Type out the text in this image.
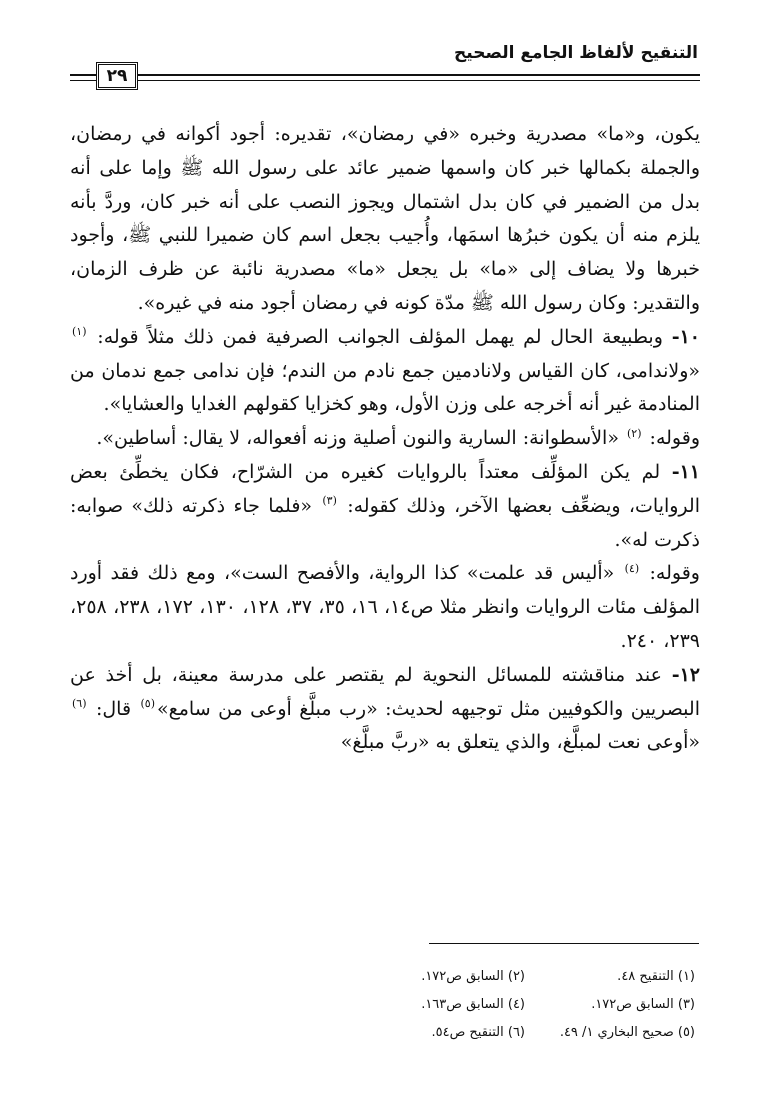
التنقيح لألفاظ الجامع الصحيح
٢٩

يكون، و«ما» مصدرية وخبره «في رمضان»، تقديره: أجود أكوانه في رمضان، والجملة بكمالها خبر كان واسمها ضمير عائد على رسول الله ﷺ وإما على أنه بدل من الضمير في كان بدل اشتمال ويجوز النصب على أنه خبر كان، وردَّ بأنه يلزم منه أن يكون خبرُها اسمَها، وأُجيب بجعل اسم كان ضميرا للنبي ﷺ، وأجود خبرها ولا يضاف إلى «ما» بل يجعل «ما» مصدرية نائبة عن ظرف الزمان، والتقدير: وكان رسول الله ﷺ مدّة كونه في رمضان أجود منه في غيره».

١٠- وبطبيعة الحال لم يهمل المؤلف الجوانب الصرفية فمن ذلك مثلاً قوله: $^{(١)}$ «ولاندامى، كان القياس ولانادمين جمع نادم من الندم؛ فإن ندامى جمع ندمان من المنادمة غير أنه أخرجه على وزن الأول، وهو كخزايا كقولهم الغدايا والعشايا».

وقوله: $^{(٢)}$ «الأسطوانة: السارية والنون أصلية وزنه أفعواله، لا يقال: أساطين».

١١- لم يكن المؤلِّف معتداً بالروايات كغيره من الشرّاح، فكان يخطِّئ بعض الروايات، ويضعِّف بعضها الآخر، وذلك كقوله: $^{(٣)}$ «فلما جاء ذكرته ذلك» صوابه: ذكرت له».

وقوله: $^{(٤)}$ «أليس قد علمت» كذا الرواية، والأفصح الست»، ومع ذلك فقد أورد المؤلف مئات الروايات وانظر مثلا ص١٤، ١٦، ٣٥، ٣٧، ١٢٨، ١٣٠، ١٧٢، ٢٣٨، ٢٥٨، ٢٣٩، ٢٤٠.

١٢- عند مناقشته للمسائل النحوية لم يقتصر على مدرسة معينة، بل أخذ عن البصريين والكوفيين مثل توجيهه لحديث: «رب مبلَّغ أوعى من سامع»$^{(٥)}$ قال: $^{(٦)}$ «أوعى نعت لمبلَّغ، والذي يتعلق به «ربَّ مبلَّغ»

(١) التنقيح ٤٨.
(٢) السابق ص١٧٢.
(٣) السابق ص١٧٢.
(٤) السابق ص١٦٣.
(٥) صحيح البخاري ١/ ٤٩.
(٦) التنقيح ص٥٤.
